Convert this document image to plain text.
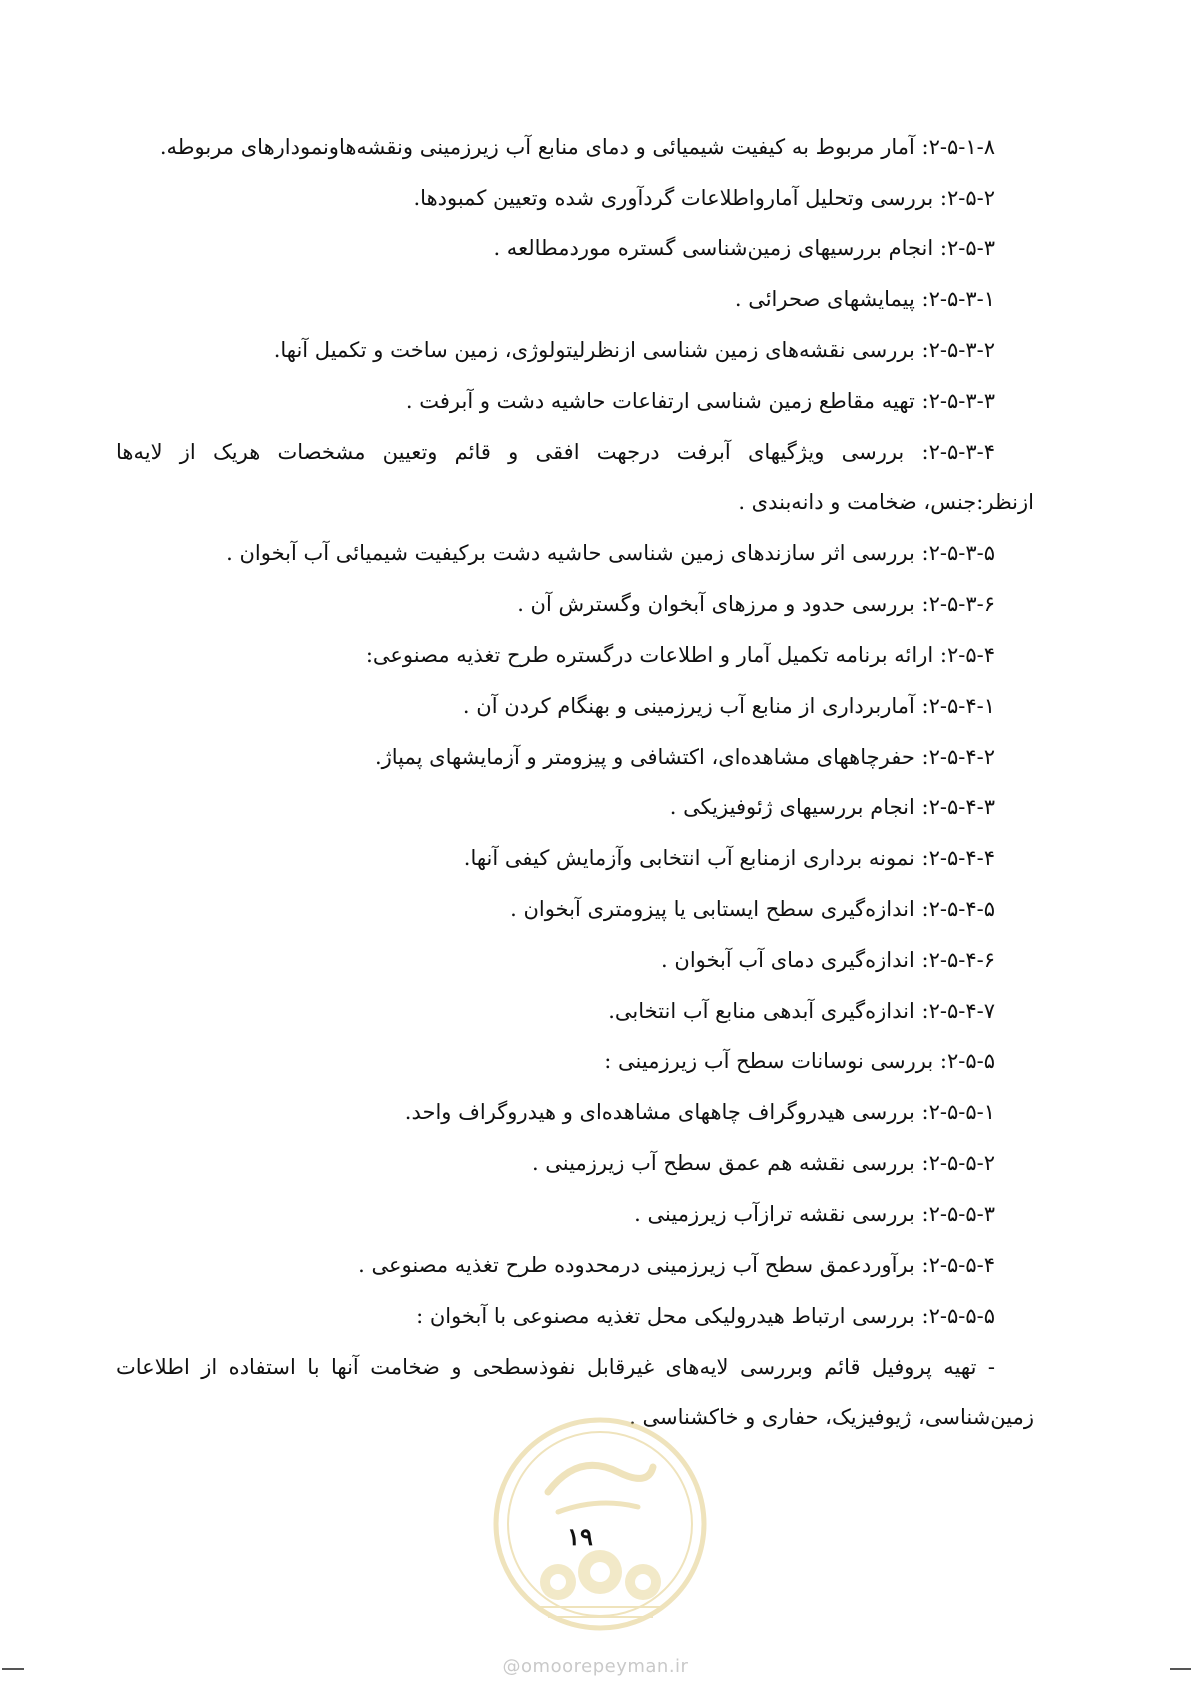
۲-۵-۱-۸: آمار مربوط به کیفیت شیمیائی و دمای منابع آب زیرزمینی ونقشه‌هاونمودارهای مربوطه.
۲-۵-۲: بررسی وتحلیل آمارواطلاعات گردآوری شده وتعیین کمبودها.
۲-۵-۳: انجام بررسیهای زمین‌شناسی گستره موردمطالعه .
۲-۵-۳-۱: پیمایشهای صحرائی .
۲-۵-۳-۲: بررسی نقشه‌های زمین شناسی ازنظرلیتولوژی، زمین ساخت و تکمیل آنها.
۲-۵-۳-۳: تهیه مقاطع زمین شناسی ارتفاعات حاشیه دشت و آبرفت .
۲-۵-۳-۴: بررسی ویژگیهای آبرفت درجهت افقی و قائم وتعیین مشخصات هریک از لایه‌ها
ازنظر:جنس، ضخامت و دانه‌بندی .
۲-۵-۳-۵: بررسی اثر سازندهای زمین شناسی حاشیه دشت برکیفیت شیمیائی آب آبخوان .
۲-۵-۳-۶: بررسی حدود و مرزهای آبخوان وگسترش آن .
۲-۵-۴: ارائه برنامه تکمیل آمار و اطلاعات درگستره طرح تغذیه مصنوعی:
۲-۵-۴-۱: آماربرداری از منابع آب زیرزمینی و بهنگام کردن آن .
۲-۵-۴-۲: حفرچاههای مشاهده‌ای، اکتشافی و پیزومتر و آزمایشهای پمپاژ.
۲-۵-۴-۳: انجام بررسیهای ژئوفیزیکی .
۲-۵-۴-۴: نمونه برداری ازمنابع آب انتخابی وآزمایش کیفی آنها.
۲-۵-۴-۵: اندازه‌گیری سطح ایستابی یا پیزومتری آبخوان .
۲-۵-۴-۶: اندازه‌گیری دمای آب آبخوان .
۲-۵-۴-۷: اندازه‌گیری آبدهی منابع آب انتخابی.
۲-۵-۵: بررسی نوسانات سطح آب زیرزمینی :
۲-۵-۵-۱: بررسی هیدروگراف چاههای مشاهده‌ای و هیدروگراف واحد.
۲-۵-۵-۲: بررسی نقشه هم عمق سطح آب زیرزمینی .
۲-۵-۵-۳: بررسی نقشه ترازآب زیرزمینی .
۲-۵-۵-۴: برآوردعمق سطح آب زیرزمینی درمحدوده طرح تغذیه مصنوعی .
۲-۵-۵-۵: بررسی ارتباط هیدرولیکی محل تغذیه مصنوعی با آبخوان :
- تهیه پروفیل قائم وبررسی لایه‌های غیرقابل نفوذسطحی و ضخامت آنها با استفاده از اطلاعات
زمین‌شناسی، ژیوفیزیک، حفاری و خاکشناسی .
۱۹
@omoorepeyman.ir
